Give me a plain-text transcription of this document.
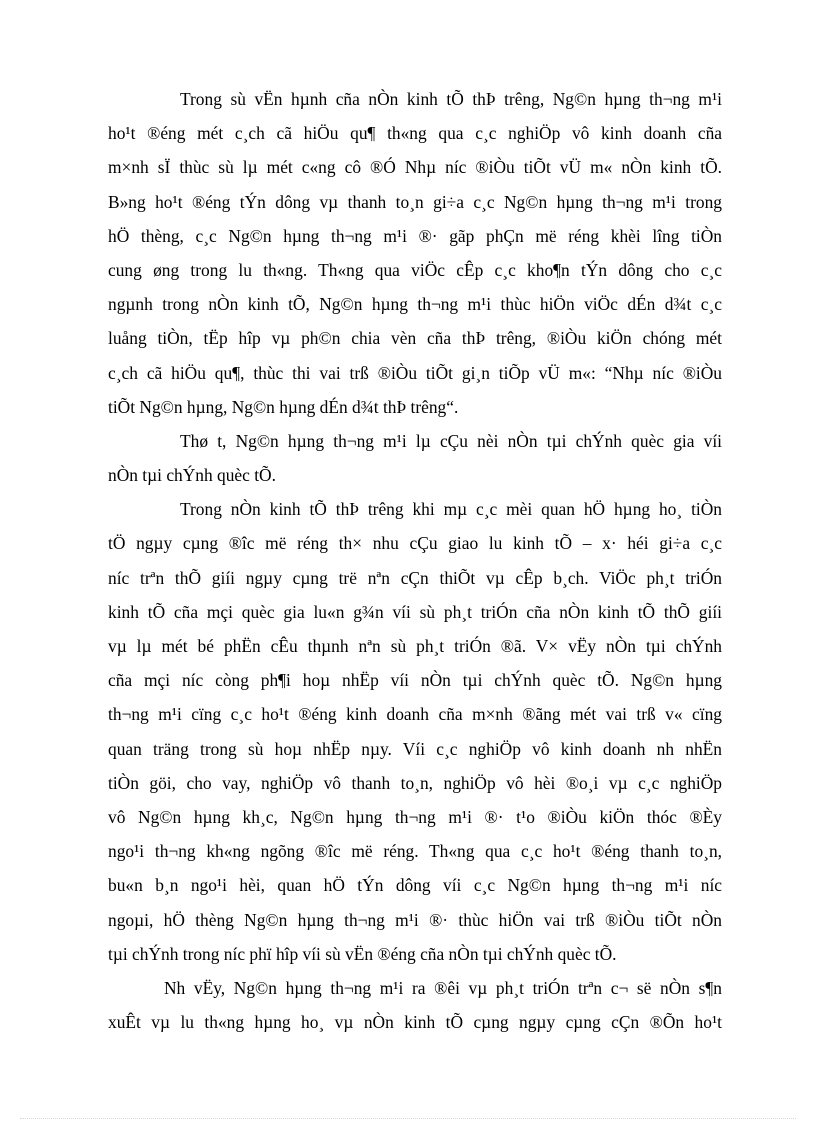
Trong sù vËn hµnh cña nÒn kinh tÕ thÞ trêng, Ng©n hµng th¬ng m¹i
ho¹t ®éng mét c¸ch cã hiÖu qu¶ th«ng qua c¸c nghiÖp vô kinh doanh cña
m×nh sÏ thùc sù lµ mét c«ng cô ®Ó Nhµ níc ®iÒu tiÕt vÜ m« nÒn kinh tÕ.
B»ng ho¹t ®éng tÝn dông vµ thanh to¸n gi÷a c¸c Ng©n hµng th¬ng m¹i trong
hÖ thèng, c¸c Ng©n hµng th¬ng m¹i ®· gãp phÇn më réng khèi lîng tiÒn
cung øng trong lu th«ng. Th«ng qua viÖc cÊp c¸c kho¶n tÝn dông cho c¸c
ngµnh trong nÒn kinh tÕ, Ng©n hµng th¬ng m¹i thùc hiÖn viÖc dÉn d¾t c¸c
luång tiÒn, tËp hîp vµ ph©n chia vèn cña thÞ trêng, ®iÒu kiÖn chóng mét
c¸ch cã hiÖu qu¶, thùc thi vai trß ®iÒu tiÕt gi¸n tiÕp vÜ m«: “Nhµ níc ®iÒu
tiÕt Ng©n hµng, Ng©n hµng dÉn d¾t thÞ trêng“.
Thø t, Ng©n hµng th¬ng m¹i lµ cÇu nèi nÒn tµi chÝnh quèc gia víi
nÒn tµi chÝnh quèc tÕ.
Trong nÒn kinh tÕ thÞ trêng khi mµ c¸c mèi quan hÖ hµng ho¸ tiÒn
tÖ ngµy cµng ®îc më réng th× nhu cÇu giao lu kinh tÕ – x· héi gi÷a c¸c
níc trªn thÕ giíi ngµy cµng trë nªn cÇn thiÕt vµ cÊp b¸ch. ViÖc ph¸t triÓn
kinh tÕ cña mçi quèc gia lu«n g¾n víi sù ph¸t triÓn cña nÒn kinh tÕ thÕ giíi
vµ lµ mét bé phËn cÊu thµnh nªn sù ph¸t triÓn ®ã. V× vËy nÒn tµi chÝnh
cña mçi níc còng ph¶i hoµ nhËp víi nÒn tµi chÝnh quèc tÕ. Ng©n hµng
th¬ng m¹i cïng c¸c ho¹t ®éng kinh doanh cña m×nh ®ãng mét vai trß v« cïng
quan träng trong sù hoµ nhËp nµy. Víi c¸c nghiÖp vô kinh doanh nh nhËn
tiÒn göi, cho vay, nghiÖp vô thanh to¸n, nghiÖp vô hèi ®o¸i vµ c¸c nghiÖp
vô Ng©n hµng kh¸c, Ng©n hµng th¬ng m¹i ®· t¹o ®iÒu kiÖn thóc ®Èy
ngo¹i th¬ng kh«ng ngõng ®îc më réng. Th«ng qua c¸c ho¹t ®éng thanh to¸n,
bu«n b¸n ngo¹i hèi, quan hÖ tÝn dông víi c¸c Ng©n hµng th¬ng m¹i níc
ngoµi, hÖ thèng Ng©n hµng th¬ng m¹i ®· thùc hiÖn vai trß ®iÒu tiÕt nÒn
tµi chÝnh trong níc phï hîp víi sù vËn ®éng cña nÒn tµi chÝnh quèc tÕ.
Nh vËy, Ng©n hµng th¬ng m¹i ra ®êi vµ ph¸t triÓn trªn c¬ së nÒn s¶n
xuÊt vµ lu th«ng hµng ho¸ vµ nÒn kinh tÕ cµng ngµy cµng cÇn ®Õn ho¹t
